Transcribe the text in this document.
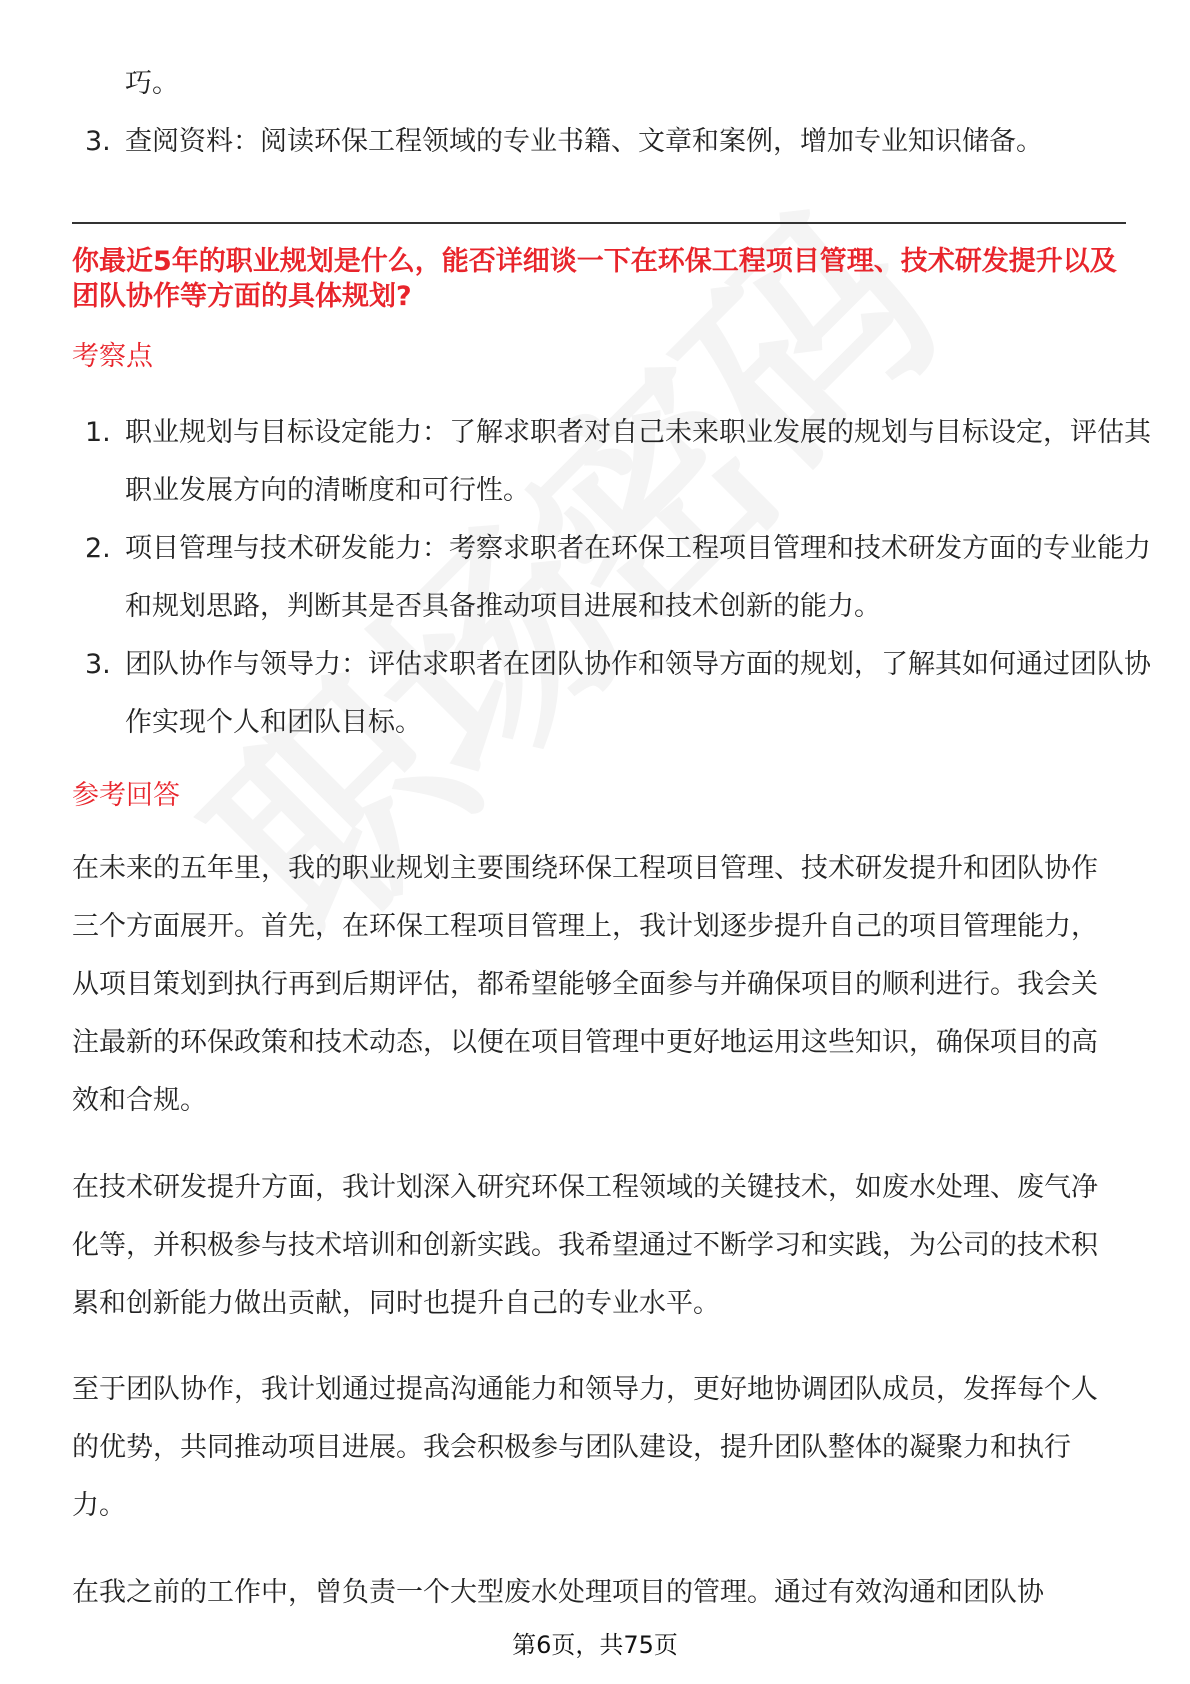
巧。
3. 查阅资料：阅读环保工程领域的专业书籍、文章和案例，增加专业知识储备。
你最近5年的职业规划是什么，能否详细谈一下在环保工程项目管理、技术研发提升以及团队协作等方面的具体规划?
考察点
1. 职业规划与目标设定能力：了解求职者对自己未来职业发展的规划与目标设定，评估其职业发展方向的清晰度和可行性。
2. 项目管理与技术研发能力：考察求职者在环保工程项目管理和技术研发方面的专业能力和规划思路，判断其是否具备推动项目进展和技术创新的能力。
3. 团队协作与领导力：评估求职者在团队协作和领导方面的规划，了解其如何通过团队协作实现个人和团队目标。
参考回答

在未来的五年里，我的职业规划主要围绕环保工程项目管理、技术研发提升和团队协作三个方面展开。首先，在环保工程项目管理上，我计划逐步提升自己的项目管理能力，从项目策划到执行再到后期评估，都希望能够全面参与并确保项目的顺利进行。我会关注最新的环保政策和技术动态，以便在项目管理中更好地运用这些知识，确保项目的高效和合规。

在技术研发提升方面，我计划深入研究环保工程领域的关键技术，如废水处理、废气净化等，并积极参与技术培训和创新实践。我希望通过不断学习和实践，为公司的技术积累和创新能力做出贡献，同时也提升自己的专业水平。

至于团队协作，我计划通过提高沟通能力和领导力，更好地协调团队成员，发挥每个人的优势，共同推动项目进展。我会积极参与团队建设，提升团队整体的凝聚力和执行力。

在我之前的工作中，曾负责一个大型废水处理项目的管理。通过有效沟通和团队协

第6页，共75页
